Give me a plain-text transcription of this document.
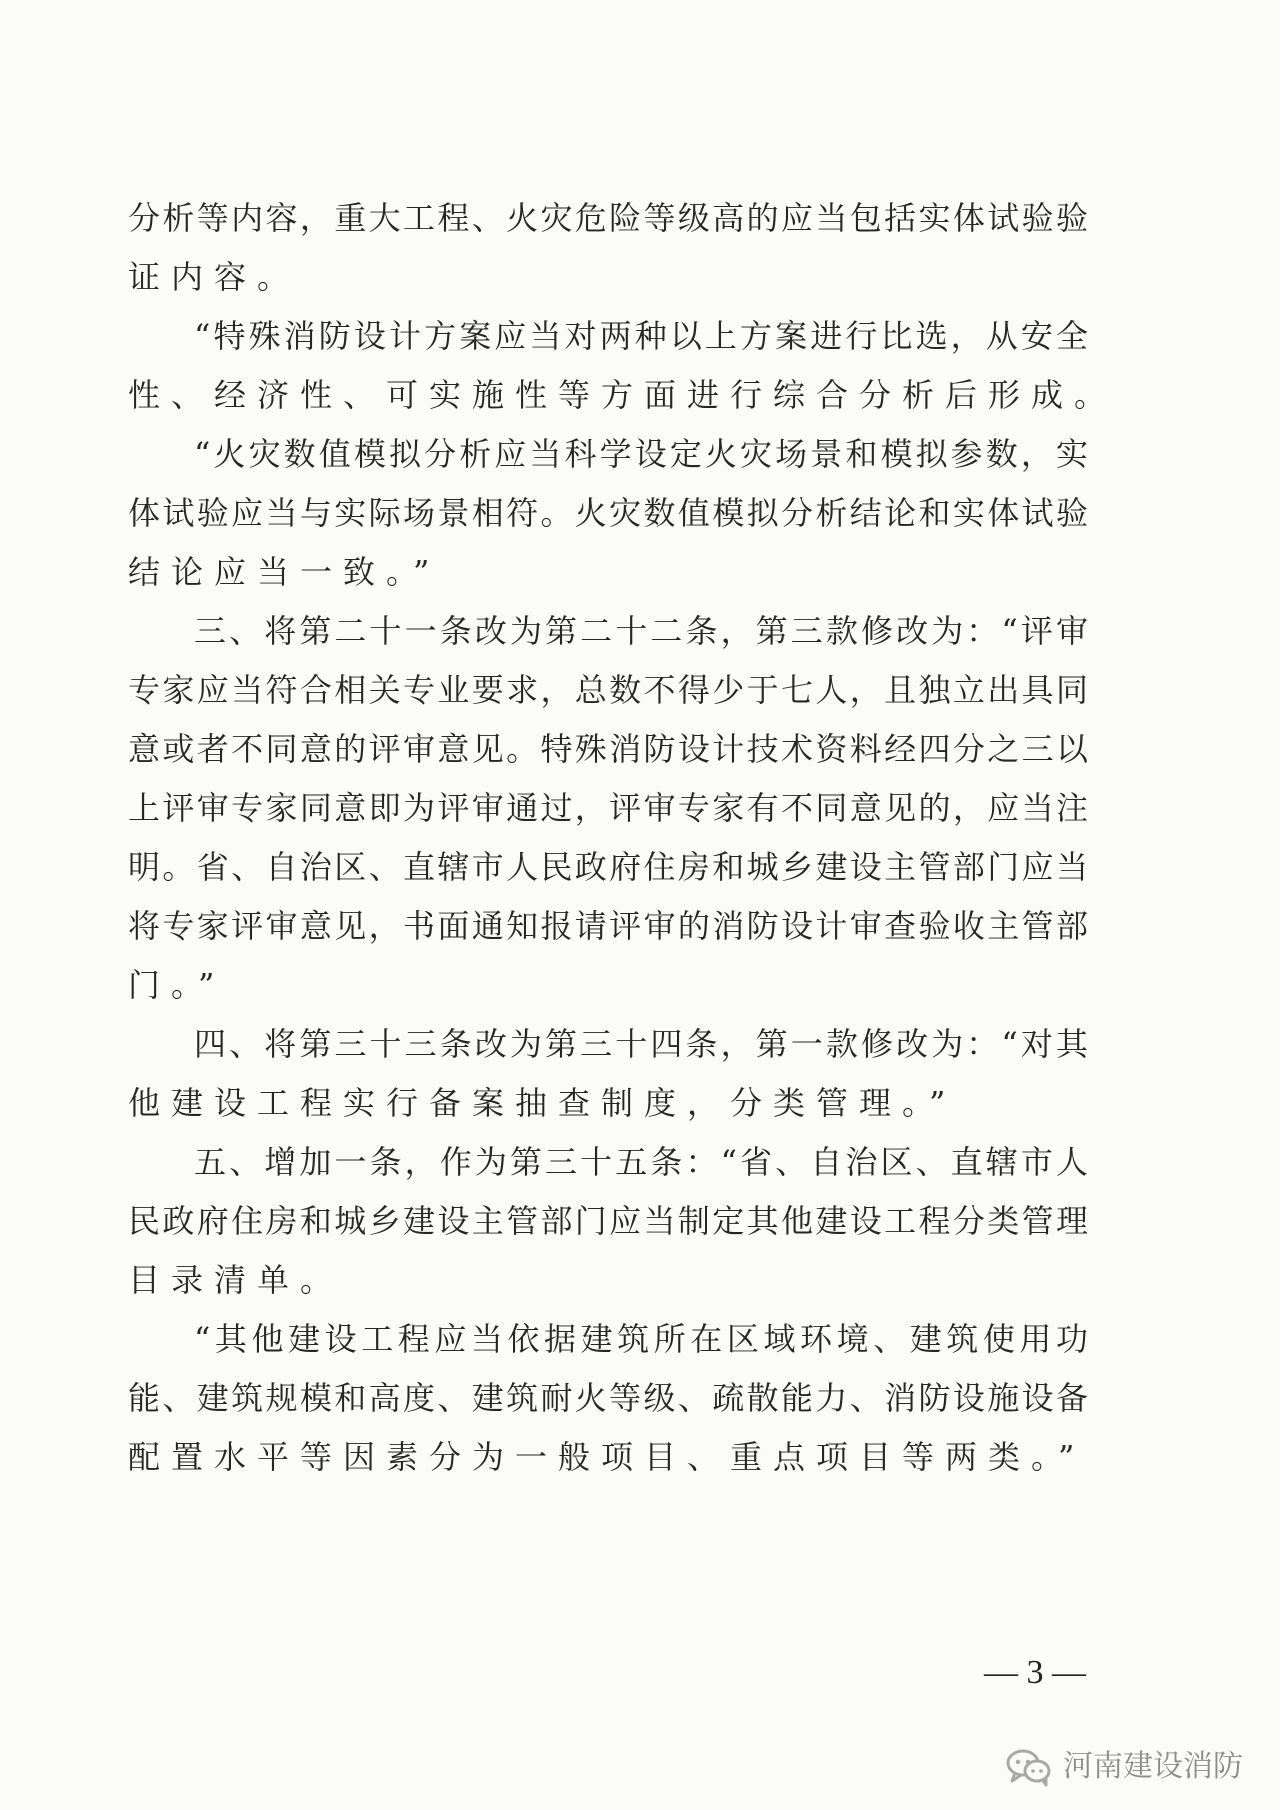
分析等内容，重大工程、火灾危险等级高的应当包括实体试验验
证内容。
“特殊消防设计方案应当对两种以上方案进行比选，从安全
性、经济性、可实施性等方面进行综合分析后形成。
“火灾数值模拟分析应当科学设定火灾场景和模拟参数，实
体试验应当与实际场景相符。火灾数值模拟分析结论和实体试验
结论应当一致。”
三、将第二十一条改为第二十二条，第三款修改为：“评审
专家应当符合相关专业要求，总数不得少于七人，且独立出具同
意或者不同意的评审意见。特殊消防设计技术资料经四分之三以
上评审专家同意即为评审通过，评审专家有不同意见的，应当注
明。省、自治区、直辖市人民政府住房和城乡建设主管部门应当
将专家评审意见，书面通知报请评审的消防设计审查验收主管部
门。”
四、将第三十三条改为第三十四条，第一款修改为：“对其
他建设工程实行备案抽查制度，分类管理。”
五、增加一条，作为第三十五条：“省、自治区、直辖市人
民政府住房和城乡建设主管部门应当制定其他建设工程分类管理
目录清单。
“其他建设工程应当依据建筑所在区域环境、建筑使用功
能、建筑规模和高度、建筑耐火等级、疏散能力、消防设施设备
配置水平等因素分为一般项目、重点项目等两类。”
— 3 —
河南建设消防
